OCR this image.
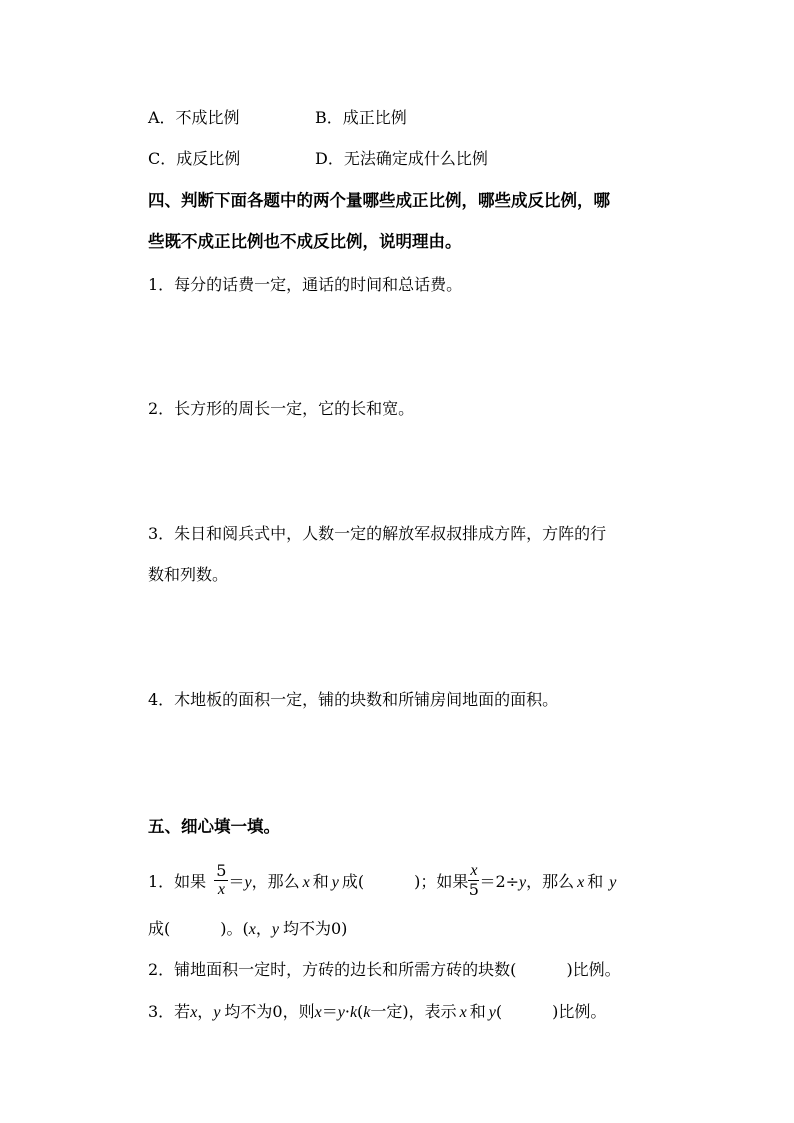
A．不成比例	B．成正比例
C．成反比例	D．无法确定成什么比例
四、判断下面各题中的两个量哪些成正比例，哪些成反比例，哪
些既不成正比例也不成反比例，说明理由。
1．每分的话费一定，通话的时间和总话费。
2．长方形的周长一定，它的长和宽。
3．朱日和阅兵式中，人数一定的解放军叔叔排成方阵，方阵的行
数和列数。
4．木地板的面积一定，铺的块数和所铺房间地面的面积。
五、细心填一填。
1．如果 $\frac{5}{x} =y$，那么 x 和 y 成(	)；如果 $\frac{x}{5} =2\div y$，那么 x 和 y
成(	)。(x，y 均不为0)
2．铺地面积一定时，方砖的边长和所需方砖的块数(	)比例。
3．若x，y 均不为0，则x＝y·k(k一定)，表示 x 和 y(	)比例。
